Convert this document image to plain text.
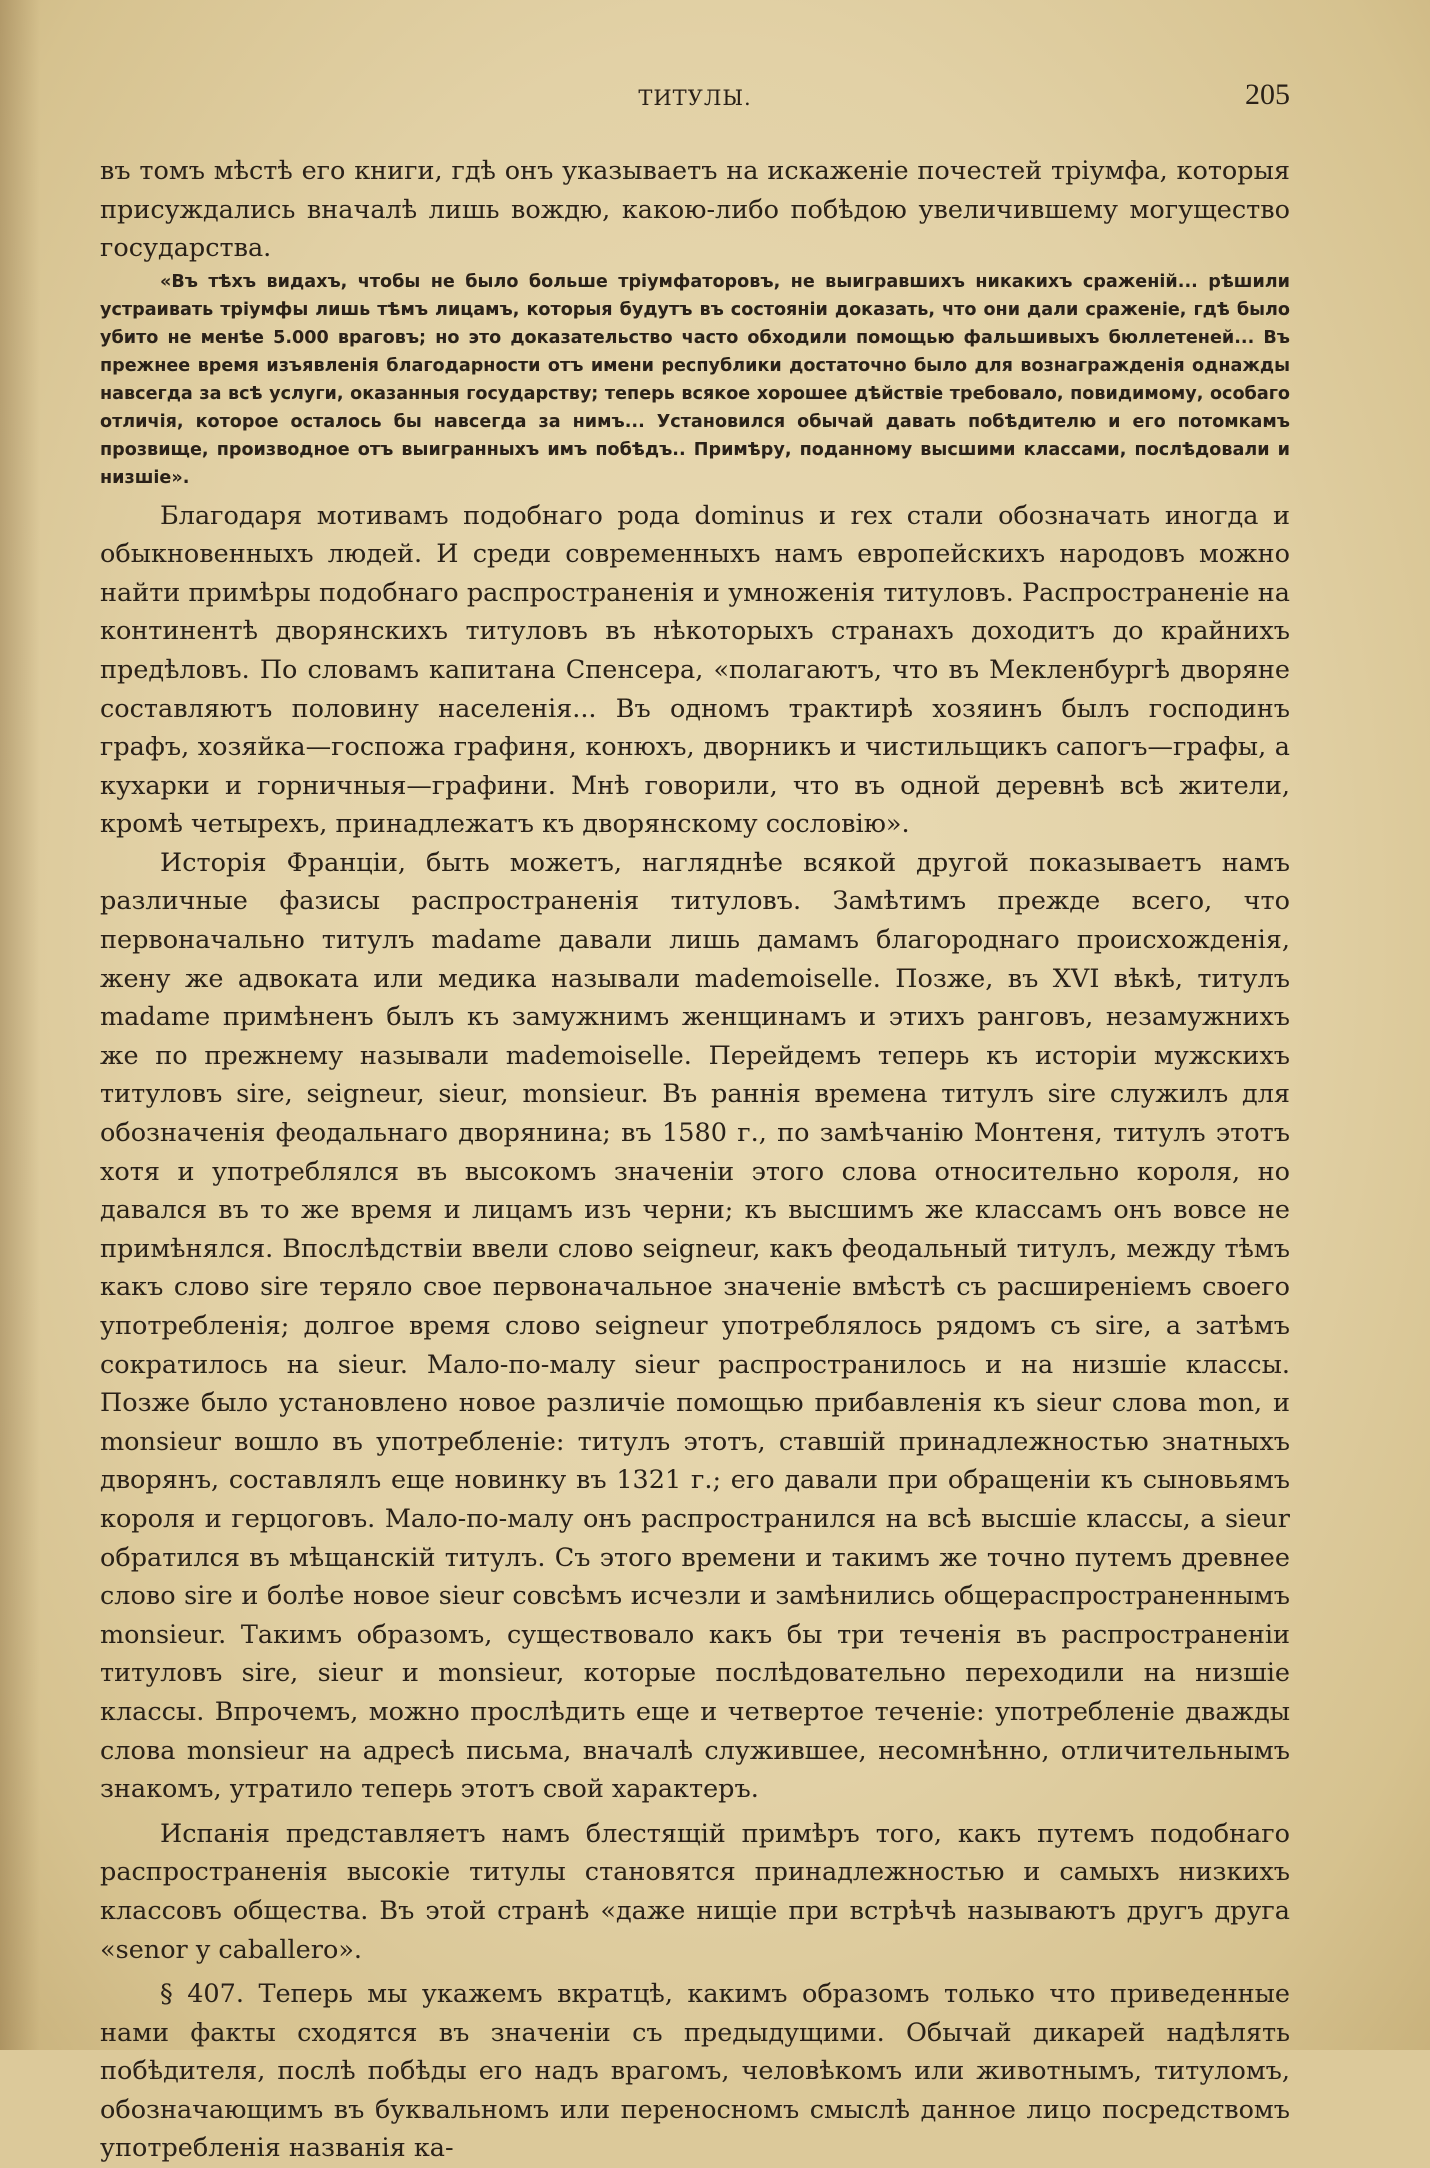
ТИТУЛЫ.	205

въ томъ мѣстѣ его книги, гдѣ онъ указываетъ на искаженіе почестей тріумфа, которыя присуждались вначалѣ лишь вождю, какою-либо побѣдою увеличившему могущество государства.

«Въ тѣхъ видахъ, чтобы не было больше тріумфаторовъ, не выигравшихъ никакихъ сраженій... рѣшили устраивать тріумфы лишь тѣмъ лицамъ, которыя будутъ въ состояніи доказать, что они дали сраженіе, гдѣ было убито не менѣе 5.000 враговъ; но это доказательство часто обходили помощью фальшивыхъ бюллетеней... Въ прежнее время изъявленія благодарности отъ имени республики достаточно было для вознагражденія однажды навсегда за всѣ услуги, оказанныя государству; теперь всякое хорошее дѣйствіе требовало, повидимому, особаго отличія, которое осталось бы навсегда за нимъ... Установился обычай давать побѣдителю и его потомкамъ прозвище, производное отъ выигранныхъ имъ побѣдъ.. Примѣру, поданному высшими классами, послѣдовали и низшіе».

Благодаря мотивамъ подобнаго рода dominus и rex стали обозначать иногда и обыкновенныхъ людей. И среди современныхъ намъ европейскихъ народовъ можно найти примѣры подобнаго распространенія и умноженія титуловъ. Распространеніе на континентѣ дворянскихъ титуловъ въ нѣкоторыхъ странахъ доходитъ до крайнихъ предѣловъ. По словамъ капитана Спенсера, «полагаютъ, что въ Мекленбургѣ дворяне составляютъ половину населенія... Въ одномъ трактирѣ хозяинъ былъ господинъ графъ, хозяйка—госпожа графиня, конюхъ, дворникъ и чистильщикъ сапогъ—графы, а кухарки и горничныя—графини. Мнѣ говорили, что въ одной деревнѣ всѣ жители, кромѣ четырехъ, принадлежатъ къ дворянскому сословію».

Исторія Франціи, быть можетъ, нагляднѣе всякой другой показываетъ намъ различные фазисы распространенія титуловъ. Замѣтимъ прежде всего, что первоначально титулъ madame давали лишь дамамъ благороднаго происхожденія, жену же адвоката или медика называли mademoiselle. Позже, въ XVI вѣкѣ, титулъ madame примѣненъ былъ къ замужнимъ женщинамъ и этихъ ранговъ, незамужнихъ же по прежнему называли mademoiselle. Перейдемъ теперь къ исторіи мужскихъ титуловъ sire, seigneur, sieur, monsieur. Въ раннія времена титулъ sire служилъ для обозначенія феодальнаго дворянина; въ 1580 г., по замѣчанію Монтеня, титулъ этотъ хотя и употреблялся въ высокомъ значеніи этого слова относительно короля, но давался въ то же время и лицамъ изъ черни; къ высшимъ же классамъ онъ вовсе не примѣнялся. Впослѣдствіи ввели слово seigneur, какъ феодальный титулъ, между тѣмъ какъ слово sire теряло свое первоначальное значеніе вмѣстѣ съ расширеніемъ своего употребленія; долгое время слово seigneur употреблялось рядомъ съ sire, а затѣмъ сократилось на sieur. Мало-по-малу sieur распространилось и на низшіе классы. Позже было установлено новое различіе помощью прибавленія къ sieur слова mon, и monsieur вошло въ употребленіе: титулъ этотъ, ставшій принадлежностью знатныхъ дворянъ, составлялъ еще новинку въ 1321 г.; его давали при обращеніи къ сыновьямъ короля и герцоговъ. Мало-по-малу онъ распространился на всѣ высшіе классы, а sieur обратился въ мѣщанскій титулъ. Съ этого времени и такимъ же точно путемъ древнее слово sire и болѣе новое sieur совсѣмъ исчезли и замѣнились общераспространеннымъ monsieur. Такимъ образомъ, существовало какъ бы три теченія въ распространеніи титуловъ sire, sieur и monsieur, которые послѣдовательно переходили на низшіе классы. Впрочемъ, можно прослѣдить еще и четвертое теченіе: употребленіе дважды слова monsieur на адресѣ письма, вначалѣ служившее, несомнѣнно, отличительнымъ знакомъ, утратило теперь этотъ свой характеръ.

Испанія представляетъ намъ блестящій примѣръ того, какъ путемъ подобнаго распространенія высокіе титулы становятся принадлежностью и самыхъ низкихъ классовъ общества. Въ этой странѣ «даже нищіе при встрѣчѣ называютъ другъ друга «senor y caballero».

§ 407. Теперь мы укажемъ вкратцѣ, какимъ образомъ только что приведенные нами факты сходятся въ значеніи съ предыдущими. Обычай дикарей надѣлять побѣдителя, послѣ побѣды его надъ врагомъ, человѣкомъ или животнымъ, титуломъ, обозначающимъ въ буквальномъ или переносномъ смыслѣ данное лицо посредствомъ употребленія названія ка-
